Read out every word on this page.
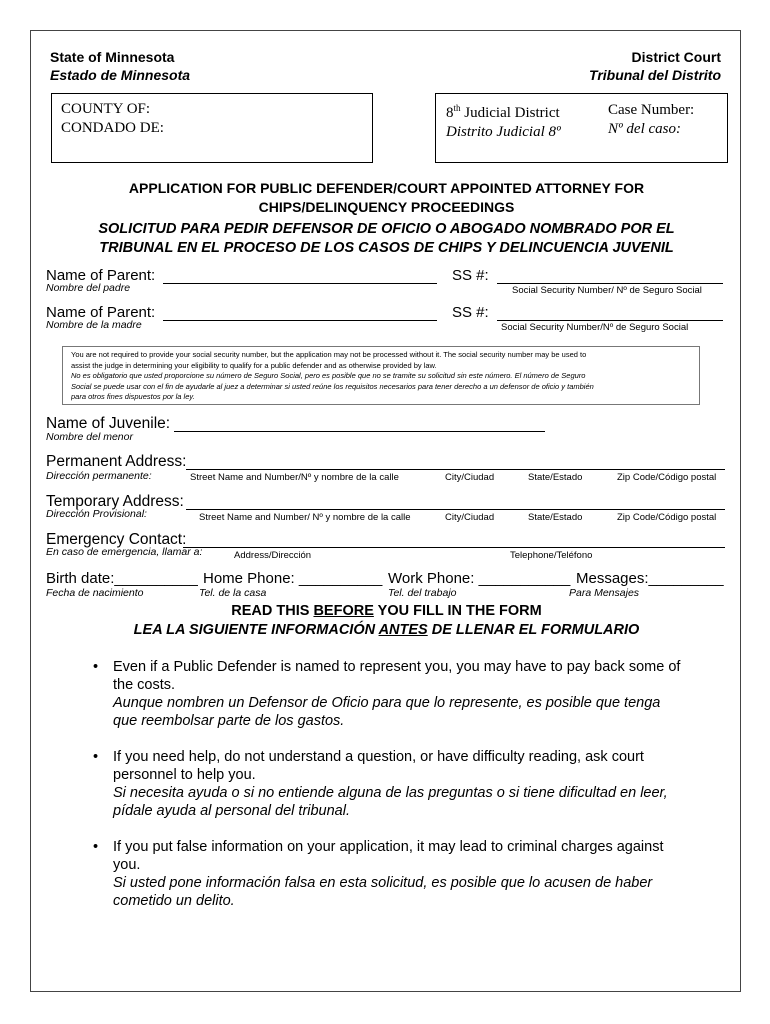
State of Minnesota
Estado de Minnesota
District Court
Tribunal del Distrito
COUNTY OF:
CONDADO DE:
8th Judicial District
Distrito Judicial 8º
Case Number:
Nº del caso:
APPLICATION FOR PUBLIC DEFENDER/COURT APPOINTED ATTORNEY FOR
CHIPS/DELINQUENCY PROCEEDINGS
SOLICITUD PARA PEDIR DEFENSOR DE OFICIO O ABOGADO NOMBRADO POR EL
TRIBUNAL EN EL PROCESO DE LOS CASOS DE CHIPS Y DELINCUENCIA JUVENIL
Name of Parent:
Nombre del padre
SS #:
Social Security Number/ Nº de Seguro Social
Name of Parent:
Nombre de la madre
SS #:
Social Security Number/Nº de Seguro Social
You are not required to provide your social security number, but the application may not be processed without it. The social security number may be used to
assist the judge in determining your eligibility to qualify for a public defender and as otherwise provided by law.
No es obligatorio que usted proporcione su número de Seguro Social, pero es posible que no se tramite su solicitud sin este número. El número de Seguro
Social se puede usar con el fin de ayudarle al juez a determinar si usted reúne los requisitos necesarios para tener derecho a un defensor de oficio y también
para otros fines dispuestos por la ley.
Name of Juvenile:
Nombre del menor
Permanent Address:
Dirección permanente:	Street Name and Number/Nº y nombre de la calle	City/Ciudad	State/Estado	Zip Code/Código postal
Temporary Address:
Dirección Provisional:	Street Name and Number/ Nº y nombre de la calle	City/Ciudad	State/Estado	Zip Code/Código postal
Emergency Contact:
En caso de emergencia, llamar a:	Address/Dirección	Telephone/Teléfono
Birth date:__________
Fecha de nacimiento
Home Phone: __________
Tel. de la casa
Work Phone: ___________
Tel. del trabajo
Messages:_________
Para Mensajes
READ THIS BEFORE YOU FILL IN THE FORM
LEA LA SIGUIENTE INFORMACIÓN ANTES DE LLENAR EL FORMULARIO
• Even if a Public Defender is named to represent you, you may have to pay back some of
the costs.
Aunque nombren un Defensor de Oficio para que lo represente, es posible que tenga
que reembolsar parte de los gastos.
• If you need help, do not understand a question, or have difficulty reading, ask court
personnel to help you.
Si necesita ayuda o si no entiende alguna de las preguntas o si tiene dificultad en leer,
pídale ayuda al personal del tribunal.
• If you put false information on your application, it may lead to criminal charges against
you.
Si usted pone información falsa en esta solicitud, es posible que lo acusen de haber
cometido un delito.
